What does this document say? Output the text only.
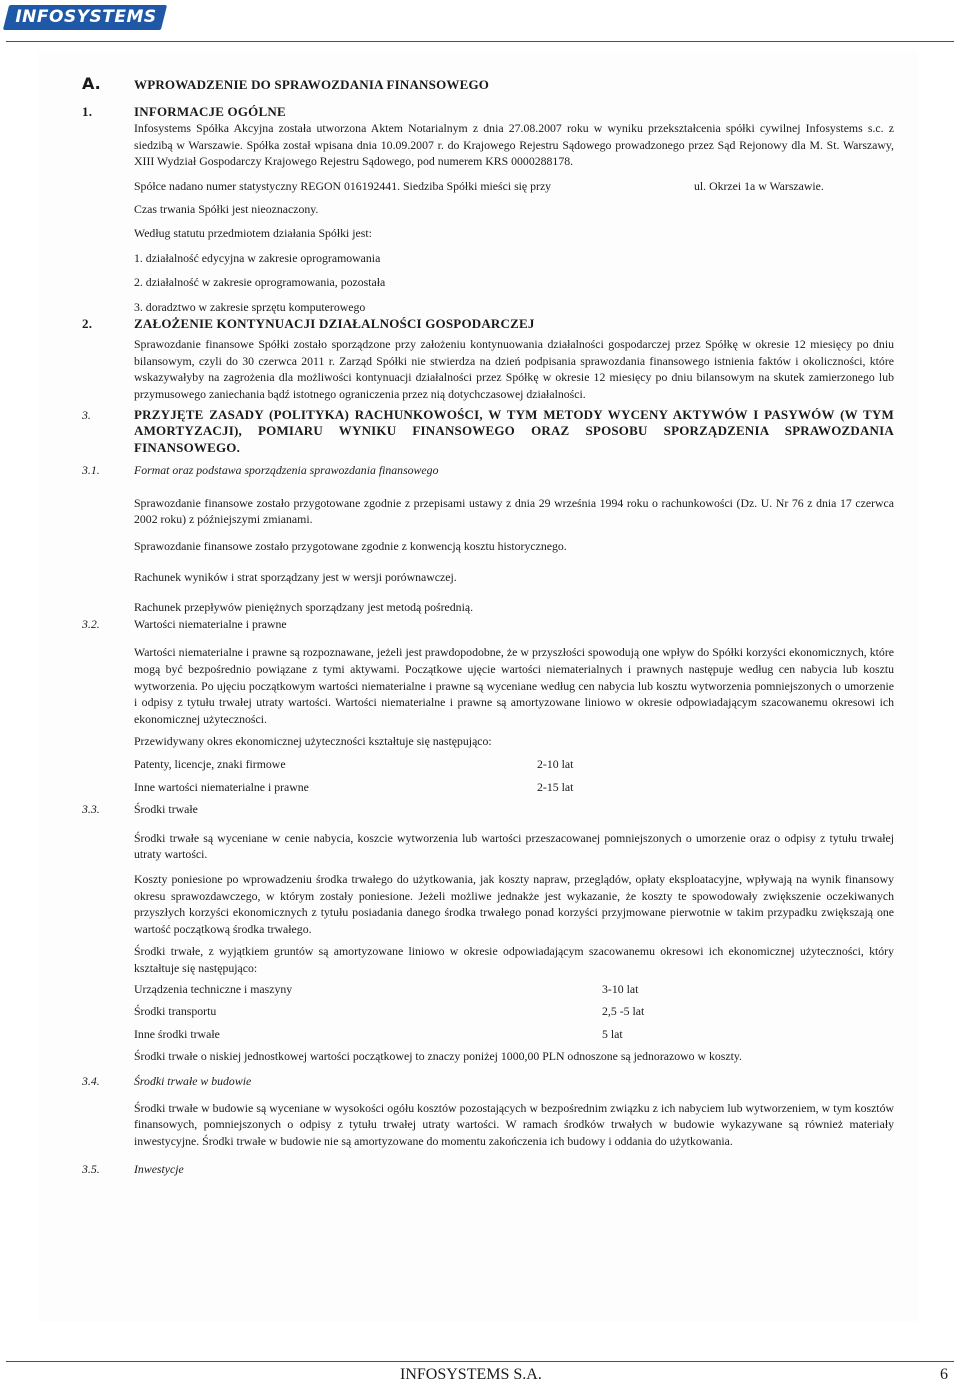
INFOSYSTEMS
A.	WPROWADZENIE DO SPRAWOZDANIA FINANSOWEGO
1.	INFORMACJE OGÓLNE
Infosystems Spółka Akcyjna została utworzona Aktem Notarialnym z dnia 27.08.2007 roku w wyniku przekształcenia spółki cywilnej Infosystems s.c. z siedzibą w Warszawie. Spółka został wpisana dnia 10.09.2007 r. do Krajowego Rejestru Sądowego prowadzonego przez Sąd Rejonowy dla M. St. Warszawy, XIII Wydział Gospodarczy Krajowego Rejestru Sądowego, pod numerem KRS 0000288178.
Spółce nadano numer statystyczny REGON 016192441. Siedziba Spółki mieści się przy	ul. Okrzei 1a w Warszawie.
Czas trwania Spółki jest nieoznaczony.
Według statutu przedmiotem działania Spółki jest:
1. działalność edycyjna w zakresie oprogramowania
2. działalność w zakresie oprogramowania, pozostała
3. doradztwo w zakresie sprzętu komputerowego
2.	ZAŁOŻENIE KONTYNUACJI DZIAŁALNOŚCI GOSPODARCZEJ
Sprawozdanie finansowe Spółki zostało sporządzone przy założeniu kontynuowania działalności gospodarczej przez Spółkę w okresie 12 miesięcy po dniu bilansowym, czyli do 30 czerwca 2011 r. Zarząd Spółki nie stwierdza na dzień podpisania sprawozdania finansowego istnienia faktów i okoliczności, które wskazywałyby na zagrożenia dla możliwości kontynuacji działalności przez Spółkę w okresie 12 miesięcy po dniu bilansowym na skutek zamierzonego lub przymusowego zaniechania bądź istotnego ograniczenia przez nią dotychczasowej działalności.
3.	PRZYJĘTE ZASADY (POLITYKA) RACHUNKOWOŚCI, W TYM METODY WYCENY AKTYWÓW I PASYWÓW (W TYM AMORTYZACJI), POMIARU WYNIKU FINANSOWEGO ORAZ SPOSOBU SPORZĄDZENIA SPRAWOZDANIA FINANSOWEGO.
3.1.	Format oraz podstawa sporządzenia sprawozdania finansowego
Sprawozdanie finansowe zostało przygotowane zgodnie z przepisami ustawy z dnia 29 września 1994 roku o rachunkowości (Dz. U. Nr 76 z dnia 17 czerwca 2002 roku) z późniejszymi zmianami.
Sprawozdanie finansowe zostało przygotowane zgodnie z konwencją kosztu historycznego.
Rachunek wyników i strat sporządzany jest w wersji porównawczej.
Rachunek przepływów pieniężnych sporządzany jest metodą pośrednią.
3.2.	Wartości niematerialne i prawne
Wartości niematerialne i prawne są rozpoznawane, jeżeli jest prawdopodobne, że w przyszłości spowodują one wpływ do Spółki korzyści ekonomicznych, które mogą być bezpośrednio powiązane z tymi aktywami. Początkowe ujęcie wartości niematerialnych i prawnych następuje według cen nabycia lub kosztu wytworzenia. Po ujęciu początkowym wartości niematerialne i prawne są wyceniane według cen nabycia lub kosztu wytworzenia pomniejszonych o umorzenie i odpisy z tytułu trwałej utraty wartości. Wartości niematerialne i prawne są amortyzowane liniowo w okresie odpowiadającym szacowanemu okresowi ich ekonomicznej użyteczności.
Przewidywany okres ekonomicznej użyteczności kształtuje się następująco:
Patenty, licencje, znaki firmowe	2-10 lat
Inne wartości niematerialne i prawne	2-15 lat
3.3.	Środki trwałe
Środki trwałe są wyceniane w cenie nabycia, koszcie wytworzenia lub wartości przeszacowanej pomniejszonych o umorzenie oraz o odpisy z tytułu trwałej utraty wartości.
Koszty poniesione po wprowadzeniu środka trwałego do użytkowania, jak koszty napraw, przeglądów, opłaty eksploatacyjne, wpływają na wynik finansowy okresu sprawozdawczego, w którym zostały poniesione. Jeżeli możliwe jednakże jest wykazanie, że koszty te spowodowały zwiększenie oczekiwanych przyszłych korzyści ekonomicznych z tytułu posiadania danego środka trwałego ponad korzyści przyjmowane pierwotnie w takim przypadku zwiększają one wartość początkową środka trwałego.
Środki trwałe, z wyjątkiem gruntów są amortyzowane liniowo w okresie odpowiadającym szacowanemu okresowi ich ekonomicznej użyteczności, który kształtuje się następująco:
Urządzenia techniczne i maszyny	3-10 lat
Środki transportu	2,5 -5 lat
Inne środki trwałe	5 lat
Środki trwałe o niskiej jednostkowej wartości początkowej to znaczy poniżej 1000,00 PLN odnoszone są jednorazowo w koszty.
3.4.	Środki trwałe w budowie
Środki trwałe w budowie są wyceniane w wysokości ogółu kosztów pozostających w bezpośrednim związku z ich nabyciem lub wytworzeniem, w tym kosztów finansowych, pomniejszonych o odpisy z tytułu trwałej utraty wartości. W ramach środków trwałych w budowie wykazywane są również materiały inwestycyjne. Środki trwałe w budowie nie są amortyzowane do momentu zakończenia ich budowy i oddania do użytkowania.
3.5.	Inwestycje
INFOSYSTEMS S.A.	6
